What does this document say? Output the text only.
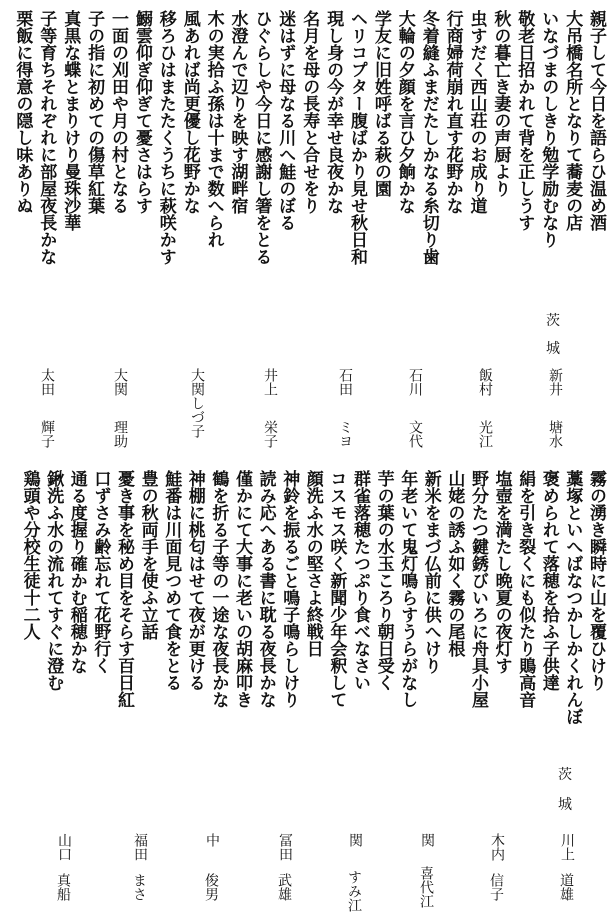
親子して今日を語らひ温め酒
大吊橋名所となりて蕎麦の店
いなづまのしきり勉学励むなり
敬老日招かれて背を正しうす
秋の暮亡き妻の声厨より
虫すだく西山荘のお成り道
行商婦荷崩れ直す花野かな
冬着縫ふまだたしかなる糸切り歯
大輪の夕顔を言ひ夕餉かな
学友に旧姓呼ばる萩の園
ヘリコプター腹ばかり見せ秋日和
現し身の今が幸せ良夜かな
名月を母の長寿と合せをり
迷はずに母なる川へ鮭のぼる
ひぐらしや今日に感謝し箸をとる
水澄んで辺りを映す湖畔宿
木の実拾ふ孫は十まで数へられ
風あれば尚更優し花野かな
移ろひはまたたくうちに萩咲かす
鰯雲仰ぎ仰ぎて憂さはらす
一面の刈田や月の村となる
子の指に初めての傷草紅葉
真黒な蝶とまりけり曼珠沙華
子等育ちそれぞれに部屋夜長かな
栗飯に得意の隠し味ありぬ
茨
城
新井
塘水
飯村
光江
石川
文代
石田
ミヨ
井上
栄子
大関しづ子
大関
理助
太田
輝子
霧の湧き瞬時に山を覆ひけり
藁塚といへばなつかしかくれんぼ
褒められて落穂を拾ふ子供達
絹を引き裂くにも似たり鵙高音
塩壺を満たし晩夏の夜灯す
野分たつ鍵銹びいろに舟具小屋
山姥の誘ふ如く霧の尾根
新米をまづ仏前に供へけり
年老いて鬼灯鳴らすうらがなし
芋の葉の水玉ころり朝日受く
群雀落穂たつぷり食べなさい
コスモス咲く新聞少年会釈して
顔洗ふ水の堅さよ終戦日
神鈴を振るごと鳴子鳴らしけり
読み応へある書に耽る夜長かな
僅かにて大事に老いの胡麻叩き
鶴を折る子等の一途な夜長かな
神棚に桃匂はせて夜が更ける
鮭番は川面見つめて食をとる
豊の秋両手を使ふ立話
憂き事を秘め目をそらす百日紅
口ずさみ齢忘れて花野行く
通る度握り確かむ稲穂かな
鍬洗ふ水の流れてすぐに澄む
鶏頭や分校生徒十二人
茨
城
川上
道雄
木内
信子
関
喜代江
関
すみ江
冨田
武雄
中
俊男
福田
まさ
山口
真船
